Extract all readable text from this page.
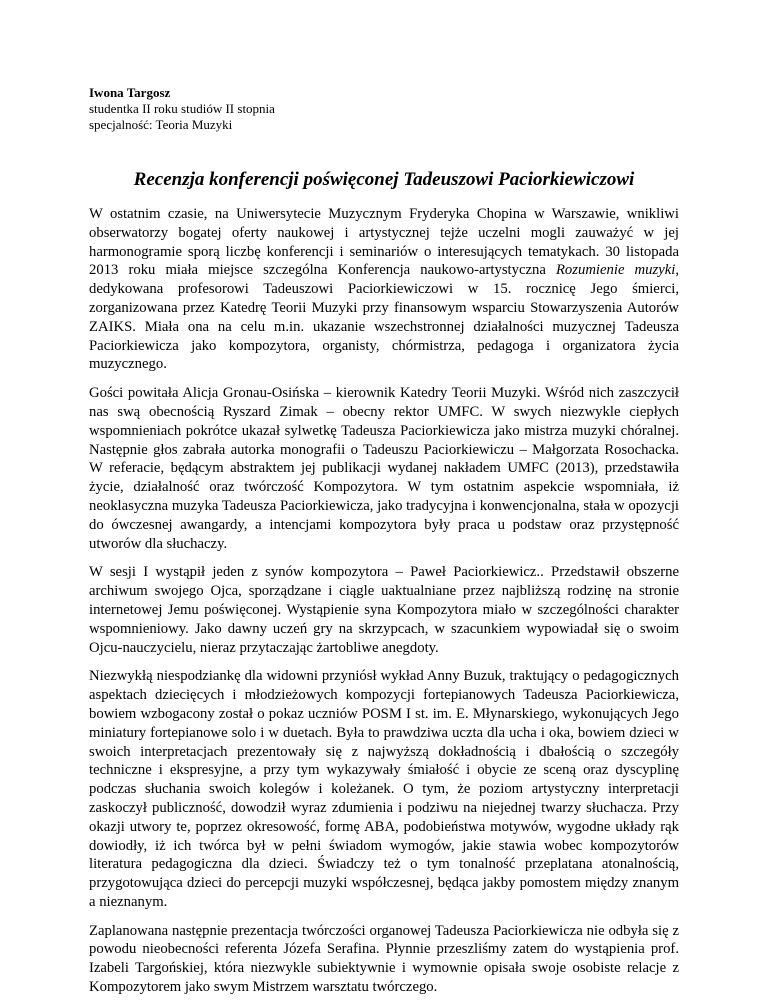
Iwona Targosz
studentka II roku studiów II stopnia
specjalność: Teoria Muzyki
Recenzja konferencji poświęconej Tadeuszowi Paciorkiewiczowi

W ostatnim czasie, na Uniwersytecie Muzycznym Fryderyka Chopina w Warszawie, wnikliwi obserwatorzy bogatej oferty naukowej i artystycznej tejże uczelni mogli zauważyć w jej harmonogramie sporą liczbę konferencji i seminariów o interesujących tematykach. 30 listopada 2013 roku miała miejsce szczególna Konferencja naukowo-artystyczna Rozumienie muzyki, dedykowana profesorowi Tadeuszowi Paciorkiewiczowi w 15. rocznicę Jego śmierci, zorganizowana przez Katedrę Teorii Muzyki przy finansowym wsparciu Stowarzyszenia Autorów ZAIKS. Miała ona na celu m.in. ukazanie wszechstronnej działalności muzycznej Tadeusza Paciorkiewicza jako kompozytora, organisty, chórmistrza, pedagoga i organizatora życia muzycznego.

Gości powitała Alicja Gronau-Osińska – kierownik Katedry Teorii Muzyki. Wśród nich zaszczycił nas swą obecnością Ryszard Zimak – obecny rektor UMFC. W swych niezwykle ciepłych wspomnieniach pokrótce ukazał sylwetkę Tadeusza Paciorkiewicza jako mistrza muzyki chóralnej. Następnie głos zabrała autorka monografii o Tadeuszu Paciorkiewiczu – Małgorzata Rosochacka. W referacie, będącym abstraktem jej publikacji wydanej nakładem UMFC (2013), przedstawiła życie, działalność oraz twórczość Kompozytora. W tym ostatnim aspekcie wspomniała, iż neoklasyczna muzyka Tadeusza Paciorkiewicza, jako tradycyjna i konwencjonalna, stała w opozycji do ówczesnej awangardy, a intencjami kompozytora były praca u podstaw oraz przystępność utworów dla słuchaczy.

W sesji I wystąpił jeden z synów kompozytora – Paweł Paciorkiewicz.. Przedstawił obszerne archiwum swojego Ojca, sporządzane i ciągle uaktualniane przez najbliższą rodzinę na stronie internetowej Jemu poświęconej. Wystąpienie syna Kompozytora miało w szczególności charakter wspomnieniowy. Jako dawny uczeń gry na skrzypcach, w szacunkiem wypowiadał się o swoim Ojcu-nauczycielu, nieraz przytaczając żartobliwe anegdoty.

Niezwykłą niespodziankę dla widowni przyniósł wykład Anny Buzuk, traktujący o pedagogicznych aspektach dziecięcych i młodzieżowych kompozycji fortepianowych Tadeusza Paciorkiewicza, bowiem wzbogacony został o pokaz uczniów POSM I st. im. E. Młynarskiego, wykonujących Jego miniatury fortepianowe solo i w duetach. Była to prawdziwa uczta dla ucha i oka, bowiem dzieci w swoich interpretacjach prezentowały się z najwyższą dokładnością i dbałością o szczegóły techniczne i ekspresyjne, a przy tym wykazywały śmiałość i obycie ze sceną oraz dyscyplinę podczas słuchania swoich kolegów i koleżanek. O tym, że poziom artystyczny interpretacji zaskoczył publiczność, dowodził wyraz zdumienia i podziwu na niejednej twarzy słuchacza. Przy okazji utwory te, poprzez okresowość, formę ABA, podobieństwa motywów, wygodne układy rąk dowiodły, iż ich twórca był w pełni świadom wymogów, jakie stawia wobec kompozytorów literatura pedagogiczna dla dzieci. Świadczy też o tym tonalność przeplatana atonalnością, przygotowująca dzieci do percepcji muzyki współczesnej, będąca jakby pomostem między znanym a nieznanym.

Zaplanowana następnie prezentacja twórczości organowej Tadeusza Paciorkiewicza nie odbyła się z powodu nieobecności referenta Józefa Serafina. Płynnie przeszliśmy zatem do wystąpienia prof. Izabeli Targońskiej, która niezwykle subiektywnie i wymownie opisała swoje osobiste relacje z Kompozytorem jako swym Mistrzem warsztatu twórczego.
